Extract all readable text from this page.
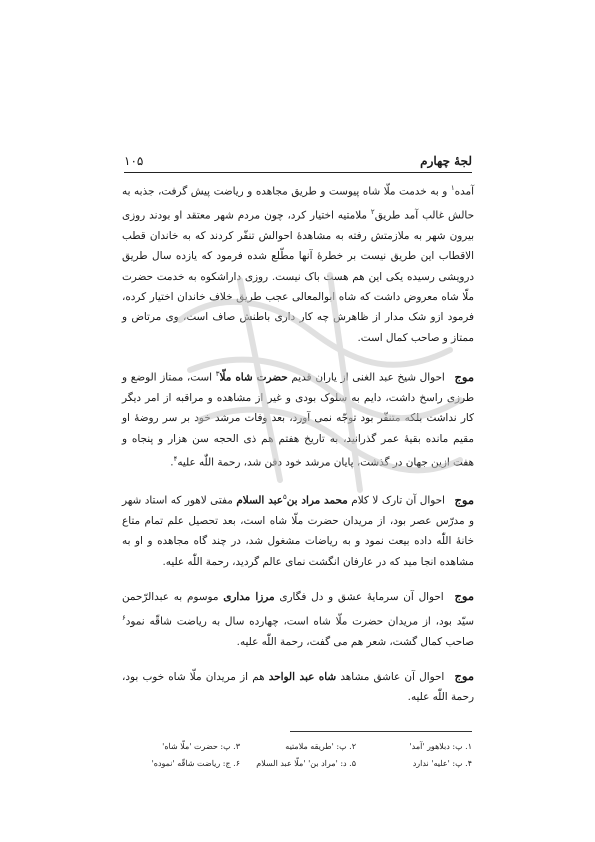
لجۀ چهارم
۱۰۵

آمده$^۱$ و به خدمت ملّا شاه پیوست و طریق مجاهده و ریاضت پیش گرفت، جذبه به حالش غالب آمد طریق$^۲$ ملامتیه اختیار کرد، چون مردم شهر معتقد او بودند روزی بیرون شهر به ملازمتش رفته به مشاهدۀ احوالش تنفّر کردند که به خاندان قطب الاقطاب این طریق نیست بر خطرۀ آنها مطّلع شده فرمود که یازده سال طریق درویشی رسیده یکی این هم هست باک نیست. روزی داراشکوه به خدمت حضرت ملّا شاه معروض داشت که شاه ابوالمعالی عجب طریق خلاف خاندان اختیار کرده، فرمود ازو شک مدار از ظاهرش چه کار داری باطنش صاف است، وی مرتاض و ممتاز و صاحب کمال است.

موج احوال شیخ عبد الغنی از یاران قدیم حضرت شاه ملّا$^۳$ است، ممتاز الوضع و طرزی راسخ داشت، دایم به سلوک بودی و غیر از مشاهده و مراقبه از امر دیگر کار نداشت بلکه متنفّر بود توجّه نمی آورد، بعد وفات مرشد خود بر سر روضۀ او مقیم مانده بقیۀ عمر گذرانید، به تاریخ هفتم هم ذی الحجه سن هزار و پنجاه و هفت ازین جهان در گذشت، پایان مرشد خود دفن شد، رحمة اللّٰه علیه$^۴$.

موج احوال آن تارک لا کلام محمد مراد بن$^۵$عبد السلام مفتی لاهور که استاد شهر و مدرّس عصر بود، از مریدان حضرت ملّا شاه است، بعد تحصیل علم تمام متاع خانۀ اللّٰه داده بیعت نمود و به ریاضات مشغول شد، در چند گاه مجاهده و او به مشاهده انجا مید که در عارفان انگشت نمای عالم گردید، رحمة اللّٰه علیه.

موج احوال آن سرمایۀ عشق و دل فگاری مرزا مداری موسوم به عبدالرّحمن سیّد بود، از مریدان حضرت ملّا شاه است، چهارده سال به ریاضت شاقّه نمود$^۶$ صاحب کمال گشت، شعر هم می گفت، رحمة اللّٰه علیه.

موج احوال آن عاشق مشاهد شاه عبد الواحد هم از مریدان ملّا شاه خوب بود، رحمة اللّٰه علیه.

۱. پ: دبلاهور 'آمد'
۲. پ: 'طریقه ملامتیه
۳. پ: حضرت 'ملّا شاه'
۴. پ: 'علیه' ندارد
۵. د: 'مراد بن' 'ملّا عبد السلام
۶. ج: ریاضت شاقّه 'نموده'
